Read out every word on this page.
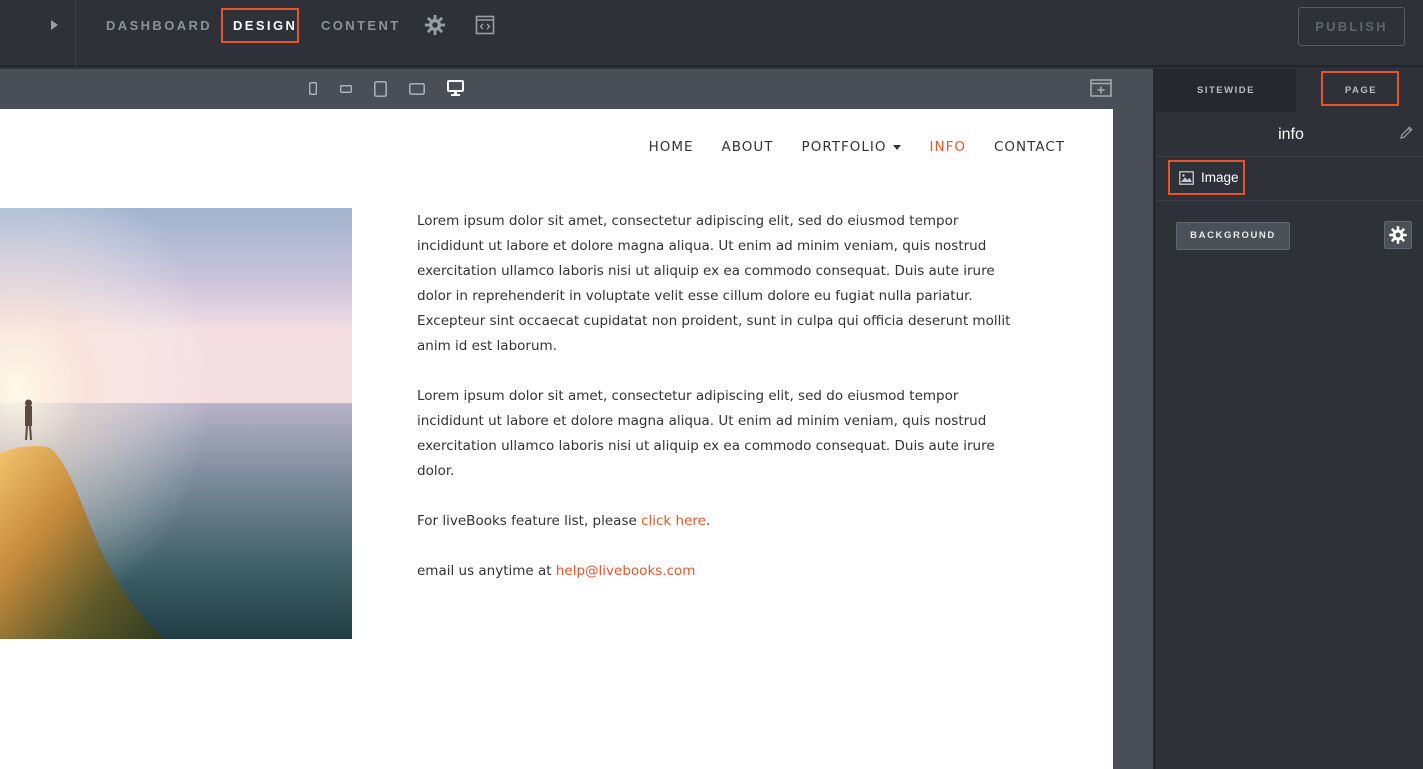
DASHBOARD DESIGN CONTENT	PUBLISH
HOME ABOUT PORTFOLIO	INFO CONTACT

Lorem ipsum dolor sit amet, consectetur adipiscing elit, sed do eiusmod tempor incididunt ut labore et dolore magna aliqua. Ut enim ad minim veniam, quis nostrud exercitation ullamco laboris nisi ut aliquip ex ea commodo consequat. Duis aute irure dolor in reprehenderit in voluptate velit esse cillum dolore eu fugiat nulla pariatur. Excepteur sint occaecat cupidatat non proident, sunt in culpa qui officia deserunt mollit anim id est laborum.

Lorem ipsum dolor sit amet, consectetur adipiscing elit, sed do eiusmod tempor incididunt ut labore et dolore magna aliqua. Ut enim ad minim veniam, quis nostrud exercitation ullamco laboris nisi ut aliquip ex ea commodo consequat. Duis aute irure dolor.

For liveBooks feature list, please click here.

email us anytime at help@livebooks.com

SITEWIDE	PAGE
info
Image
BACKGROUND
